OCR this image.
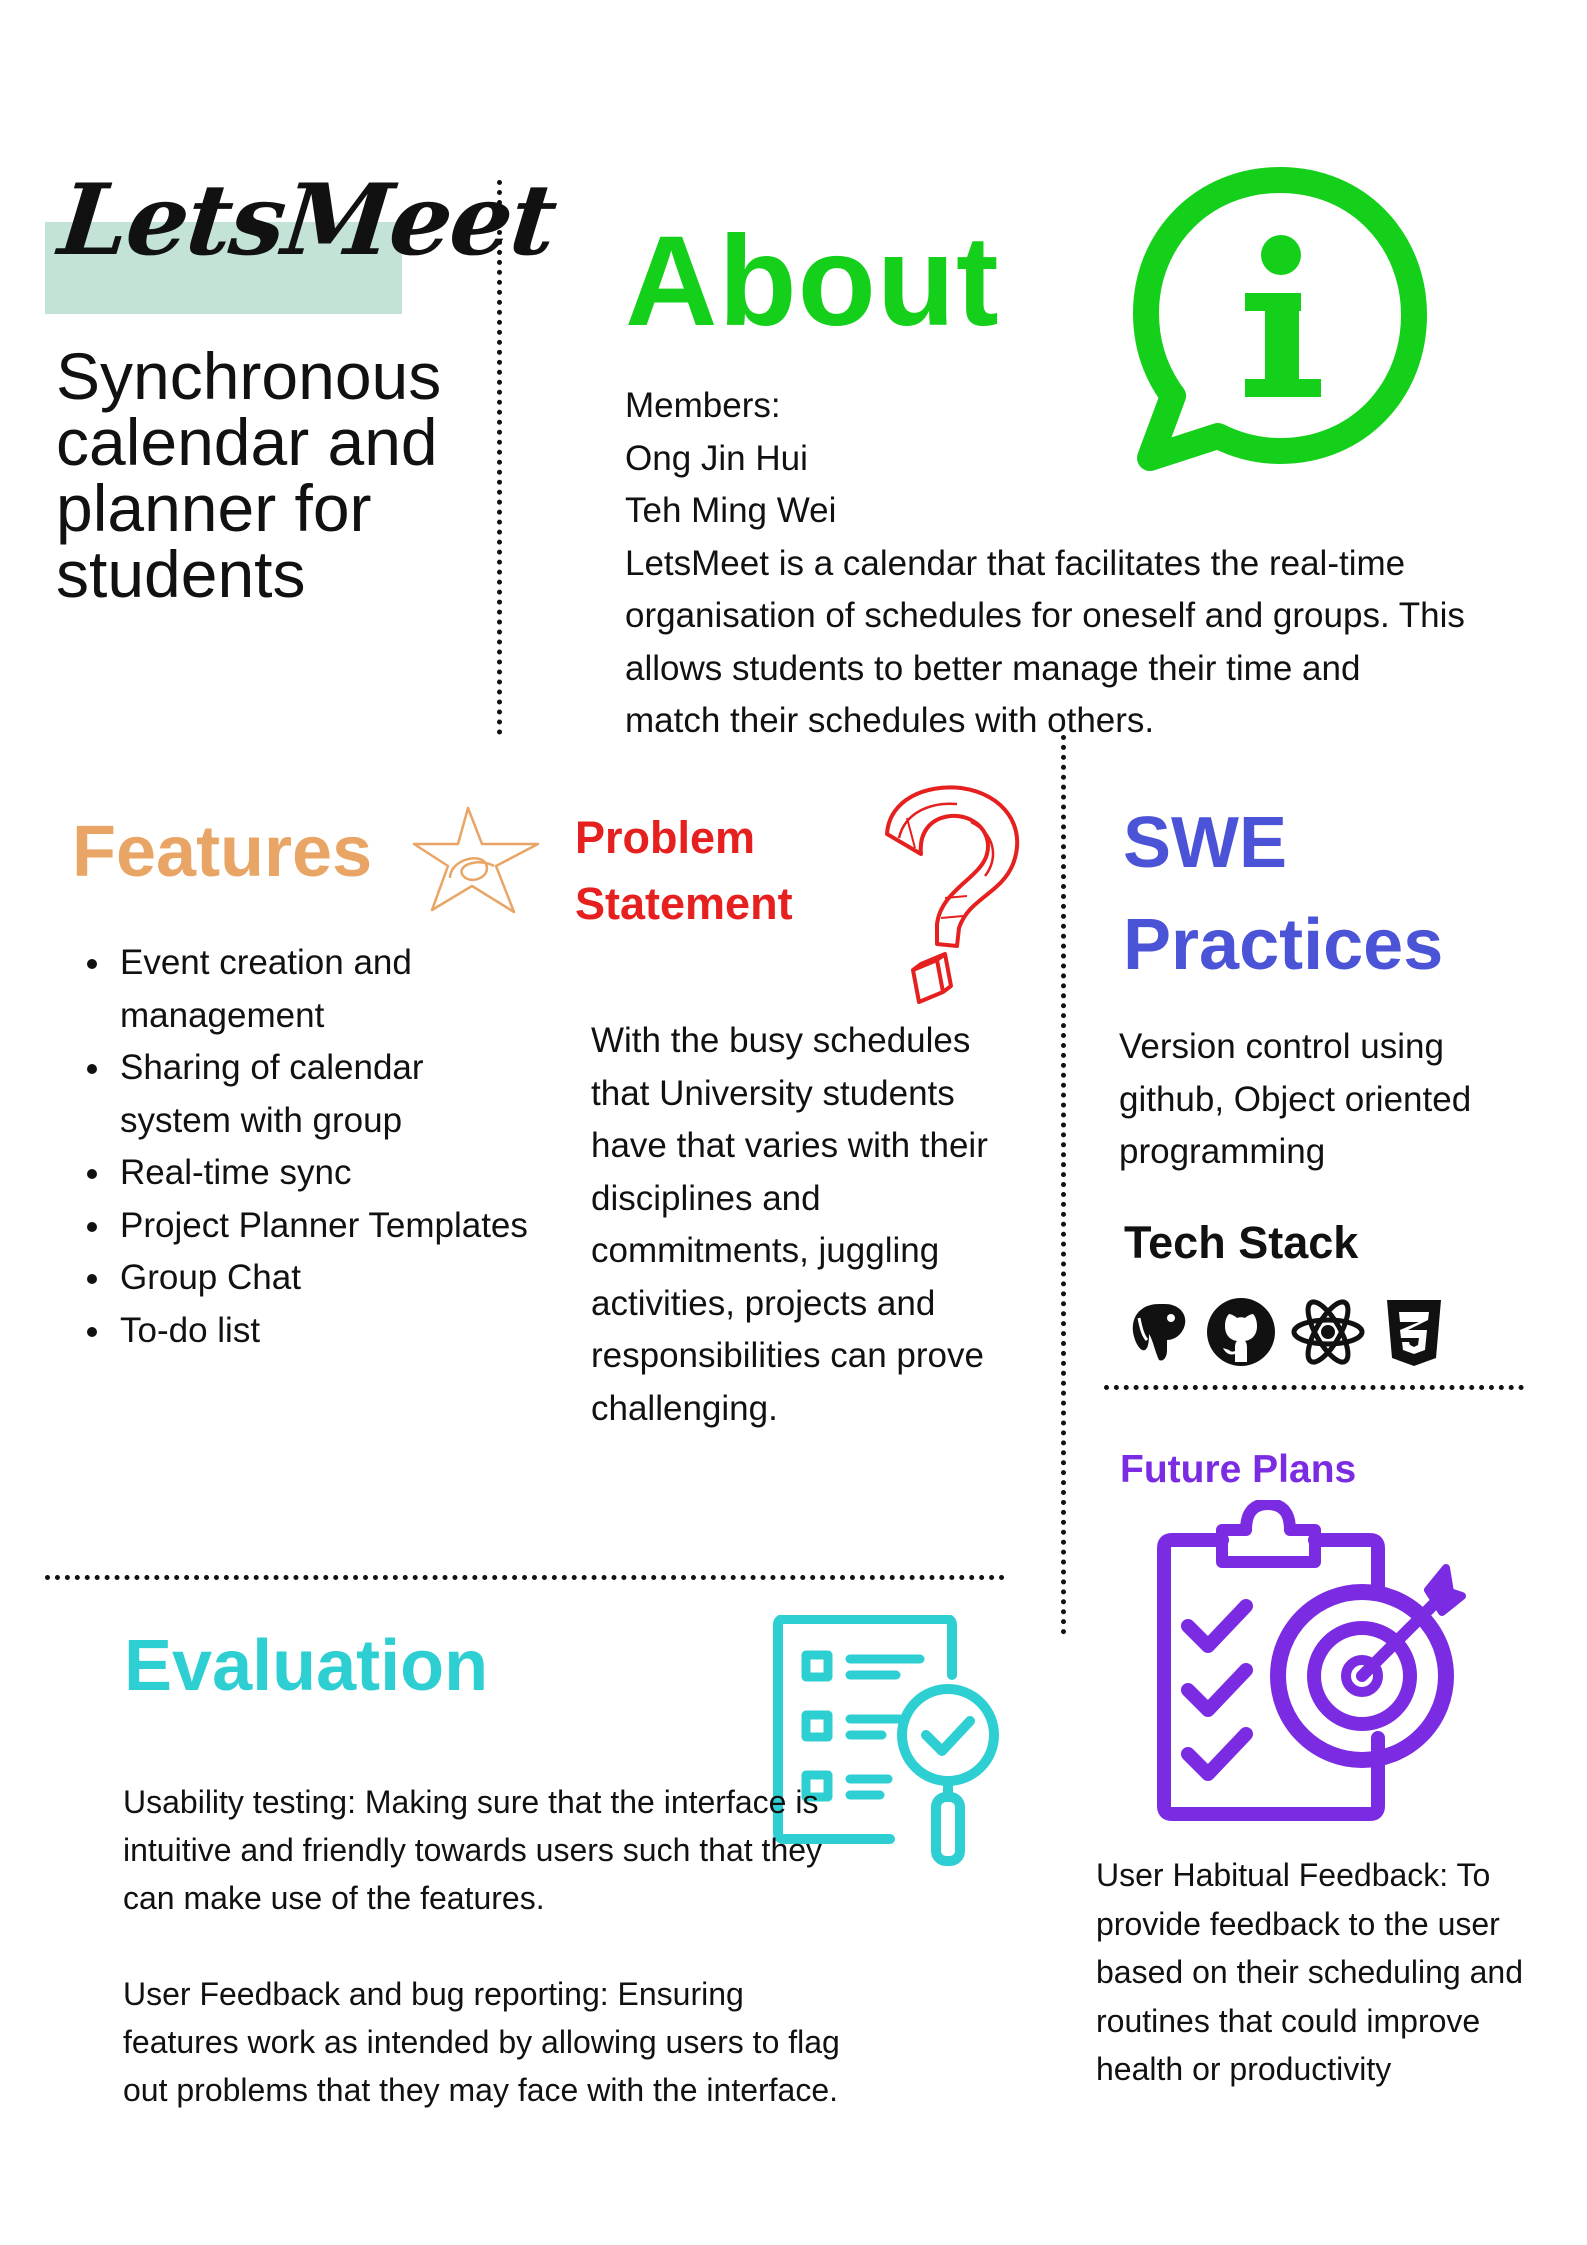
LetsMeet
Synchronous calendar and planner for students
About
Members:
Ong Jin Hui
Teh Ming Wei
LetsMeet is a calendar that facilitates the real-time
organisation of schedules for oneself and groups. This
allows students to better manage their time and
match their schedules with others.
Features
• Event creation and management
• Sharing of calendar system with group
• Real-time sync
• Project Planner Templates
• Group Chat
• To-do list
Problem
Statement
With the busy schedules that University students have that varies with their disciplines and commitments, juggling activities, projects and responsibilities can prove challenging.
SWE
Practices
Version control using github, Object oriented programming
Tech Stack
Future Plans
User Habitual Feedback: To provide feedback to the user based on their scheduling and routines that could improve health or productivity
Evaluation

Usability testing: Making sure that the interface is intuitive and friendly towards users such that they can make use of the features.

User Feedback and bug reporting: Ensuring features work as intended by allowing users to flag out problems that they may face with the interface.
